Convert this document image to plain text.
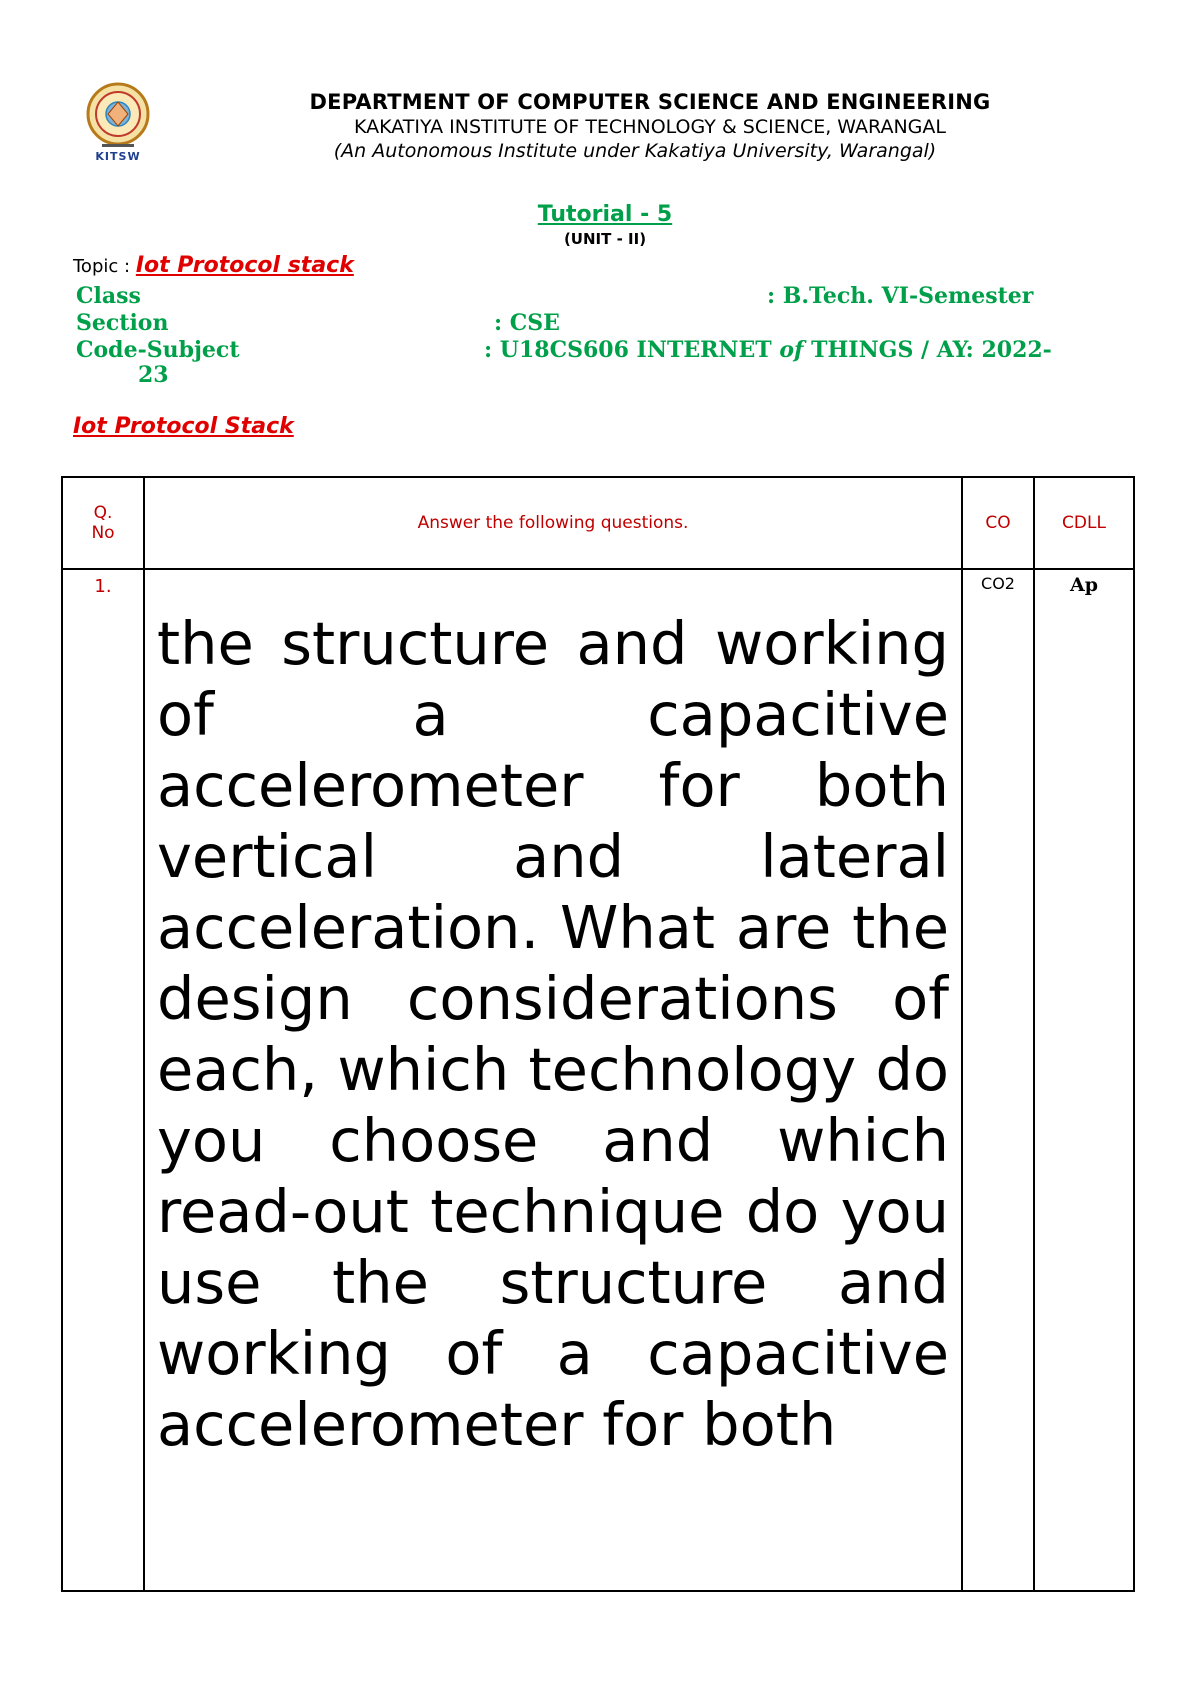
KITSW
DEPARTMENT OF COMPUTER SCIENCE AND ENGINEERING
KAKATIYA INSTITUTE OF TECHNOLOGY & SCIENCE, WARANGAL
(An Autonomous Institute under Kakatiya University, Warangal)
Tutorial - 5
(UNIT - II)
Topic : Iot Protocol stack
Class	: B.Tech. VI-Semester
Section	: CSE
Code-Subject	: U18CS606 INTERNET of THINGS / AY: 2022-
23
Iot Protocol Stack
Q. No	Answer the following questions.	CO	CDLL
1.	the structure and working of a capacitive accelerometer for both vertical and lateral acceleration. What are the design considerations of each, which technology do you choose and which read-out technique do you use the structure and working of a capacitive accelerometer for both	CO2	Ap
